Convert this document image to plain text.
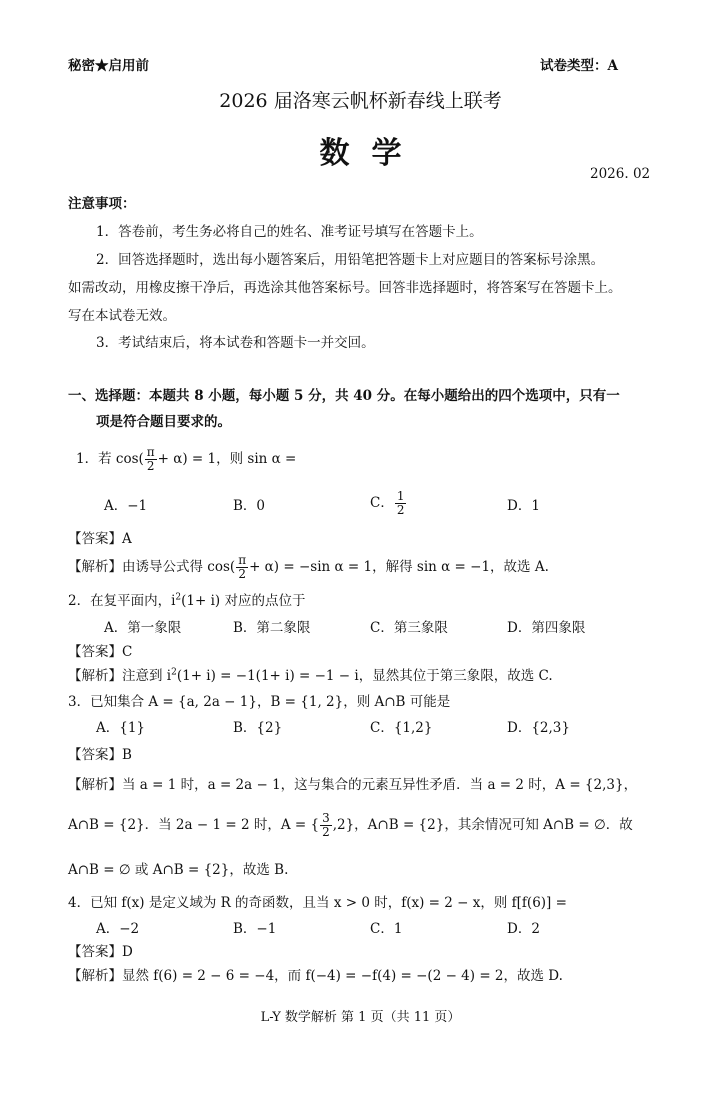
秘密★启用前	试卷类型：A
2026 届洛寒云帆杯新春线上联考
数学
2026. 02
注意事项：
1．答卷前，考生务必将自己的姓名、准考证号填写在答题卡上。
2．回答选择题时，选出每小题答案后，用铅笔把答题卡上对应题目的答案标号涂黑。
如需改动，用橡皮擦干净后，再选涂其他答案标号。回答非选择题时，将答案写在答题卡上。
写在本试卷无效。
3．考试结束后，将本试卷和答题卡一并交回。
一、选择题：本题共 8 小题，每小题 5 分，共 40 分。在每小题给出的四个选项中，只有一
项是符合题目要求的。
1．若 $\cos( \frac{\pi}{2} + \alpha) = 1$，则 sin α =
A．−1	B．0	C． $\frac{1}{2}$	D．1
【答案】A
【解析】由诱导公式得 $\cos( \frac{\pi}{2} + \alpha) = -\sin$ α = 1，解得 sin α = −1，故选 A.
2．在复平面内，$i^2(1+ i)$ 对应的点位于
A．第一象限	B．第二象限	C．第三象限	D．第四象限
【答案】C
【解析】注意到 $i^2(1+ i) = -1(1+ i) = -1 - i$，显然其位于第三象限，故选 C.
3．已知集合 A = {a, 2a − 1}，B = {1, 2}，则 A∩B 可能是
A．{1}	B．{2}	C．{1,2}	D．{2,3}
【答案】B
【解析】当 a = 1 时，a = 2a − 1，这与集合的元素互异性矛盾．当 a = 2 时，A = {2,3}，
A∩B = {2}．当 2a − 1 = 2 时，A = { $\frac{3}{2} ,2$}，A∩B = {2}，其余情况可知 A∩B = ∅．故
A∩B = ∅ 或 A∩B = {2}，故选 B.
4．已知 f(x) 是定义域为 R 的奇函数，且当 x > 0 时，f(x) = 2 − x，则 f[f(6)] =
A．−2	B．−1	C．1	D．2
【答案】D
【解析】显然 f(6) = 2 − 6 = −4，而 f(−4) = −f(4) = −(2 − 4) = 2，故选 D.
L-Y 数学解析 第 1 页（共 11 页）
